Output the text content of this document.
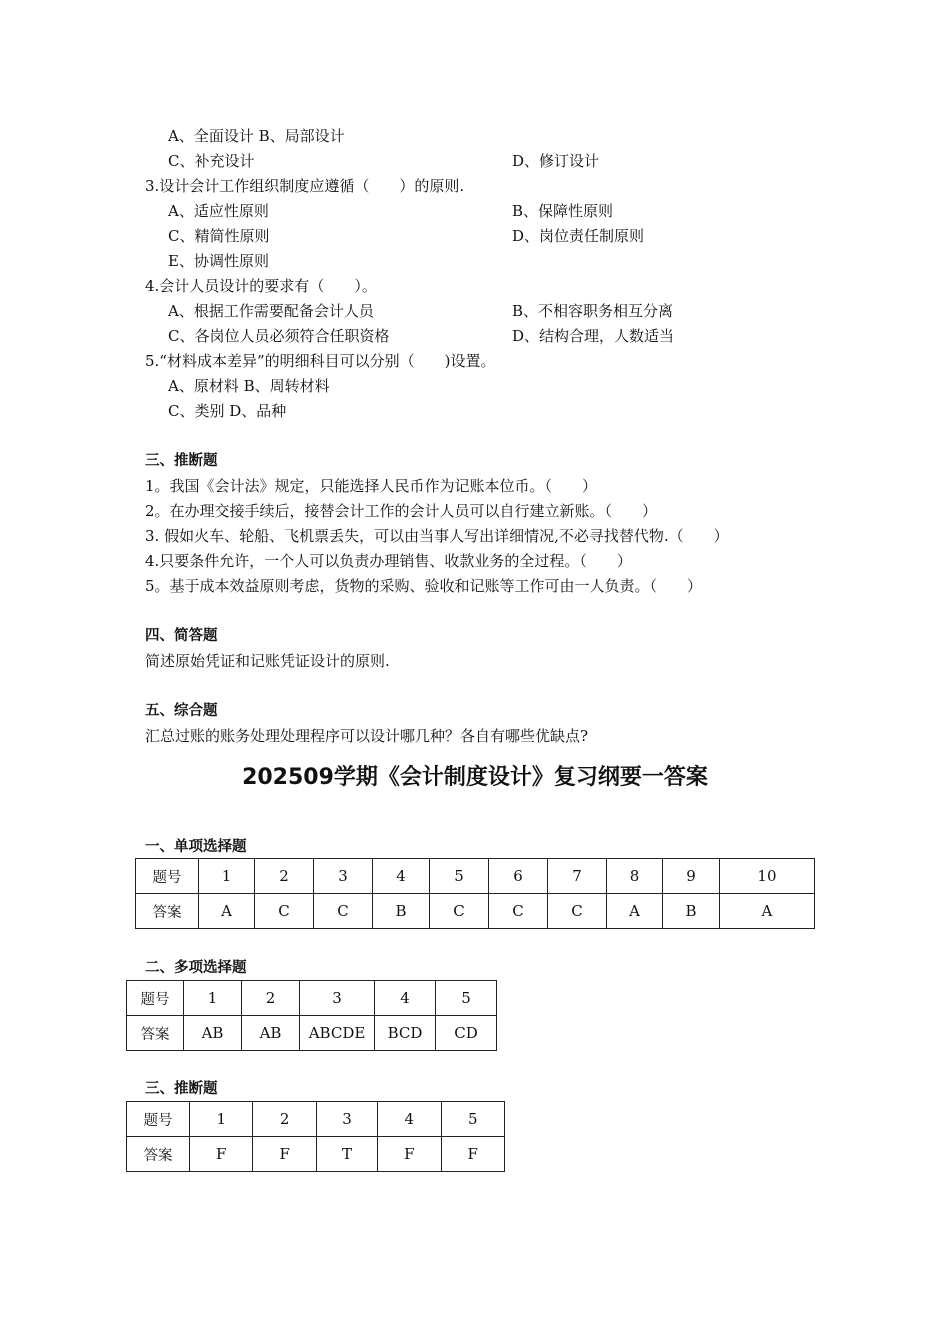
A、全面设计 B、局部设计
C、补充设计	D、修订设计
3.设计会计工作组织制度应遵循（　　）的原则.
A、适应性原则	B、保障性原则
C、精简性原则	D、岗位责任制原则
E、协调性原则
4.会计人员设计的要求有（　　）。
A、根据工作需要配备会计人员	B、不相容职务相互分离
C、各岗位人员必须符合任职资格	D、结构合理，人数适当
5.“材料成本差异”的明细科目可以分别（　　)设置。
A、原材料 B、周转材料
C、类别 D、品种
三、推断题
1。我国《会计法》规定，只能选择人民币作为记账本位币。（　　）
2。在办理交接手续后，接替会计工作的会计人员可以自行建立新账。（　　）
3. 假如火车、轮船、飞机票丢失，可以由当事人写出详细情况,不必寻找替代物.（　　）
4.只要条件允许，一个人可以负责办理销售、收款业务的全过程。（　　）
5。基于成本效益原则考虑，货物的采购、验收和记账等工作可由一人负责。（　　）
四、简答题
简述原始凭证和记账凭证设计的原则.
五、综合题
汇总过账的账务处理处理程序可以设计哪几种？各自有哪些优缺点?
202509学期《会计制度设计》复习纲要一答案
一、单项选择题
题号	1	2	3	4	5	6	7	8	9	10
答案	A	C	C	B	C	C	C	A	B	A
二、多项选择题
题号	1	2	3	4	5
答案	AB	AB	ABCDE	BCD	CD
三、推断题
题号	1	2	3	4	5
答案	F	F	T	F	F
